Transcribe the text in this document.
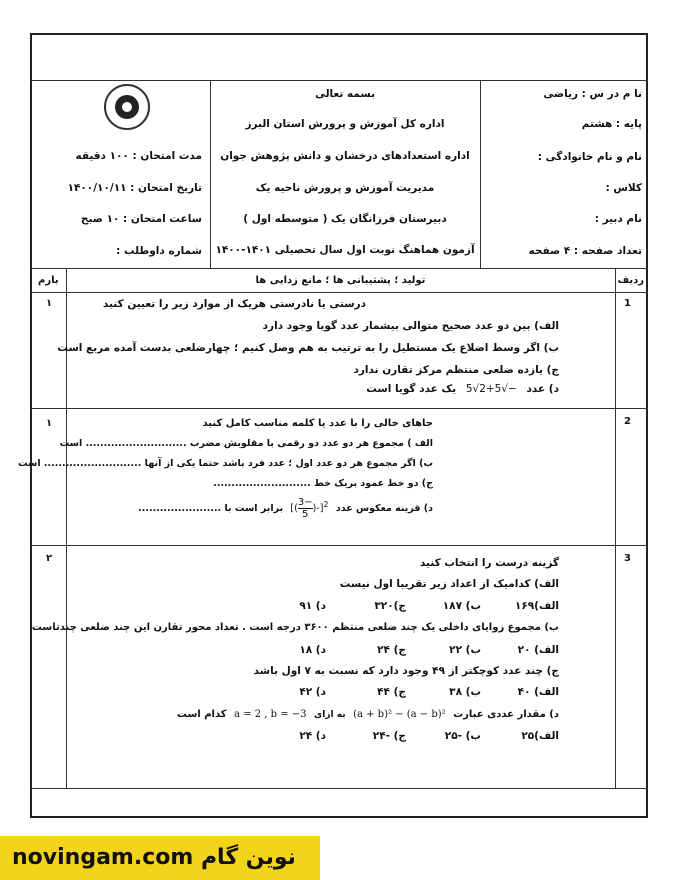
بسمه تعالی
اداره کل آموزش و پرورش استان البرز
اداره استعدادهای درخشان و دانش پژوهش جوان
مدیریت آموزش و پرورش ناحیه یک
دبیرستان فرزانگان یک ( متوسطه اول )
آزمون هماهنگ نوبت اول سال تحصیلی ۱۴۰۱-۱۴۰۰
نا م در س : ریاضی
پایه : هشتم
نام و نام خانوادگی :
کلاس :
نام دبیر :
تعداد صفحه : ۴ صفحه
مدت امتحان : ۱۰۰ دقیقه
تاریخ امتحان : ۱۴۰۰/۱۰/۱۱
ساعت امتحان : ۱۰ صبح
شماره داوطلب :
ردیف
تولید ؛ پشتیبانی ها ؛ مانع زدایی ها
بارم
1
۱	درستی یا نادرستی هریک از موارد زیر را تعیین کنید
الف) بین دو عدد صحیح متوالی بیشمار عدد گویا وجود دارد
ب) اگر وسط اضلاع یک مستطیل را به ترتیب به هم وصل کنیم ؛ چهارضلعی بدست آمده مربع است
ج) یازده ضلعی منتظم مرکز تقارن ندارد
د) عدد 5√2+5√− یک عدد گویا است
2
۱	جاهای خالی را با عدد یا کلمه مناسب کامل کنید
الف ) مجموع هر دو عدد دو رقمی با مقلوبش مضرب ............................ است
ب) اگر مجموع هر دو عدد اول ؛ عدد فرد باشد حتما یکی از آنها ........................... است
ج) دو خط عمود بریک خط ...........................
د) قرینه معکوس عدد [( $\frac{3-}{5} )-]^2$ برابر است با .......................
3
۲	گزینه درست را انتخاب کنید
الف) کدامیک از اعداد زیر تقریبا اول نیست
الف)۱۶۹
ب) ۱۸۷
ج)۳۲۰
د) ۹۱
ب) مجموع زوایای داخلی یک چند ضلعی منتظم ۳۶۰۰ درجه است . تعداد محور تقارن این چند ضلعی چندتاست
الف) ۲۰
ب) ۲۲
ج) ۲۴
د) ۱۸
ج) چند عدد کوچکتر از ۴۹ وجود دارد که نسبت به ۷ اول باشد
الف) ۴۰
ب) ۳۸
ج) ۴۴
د) ۴۲
د) مقدار عددی عبارت (a + b)² − (a − b)² به ازای a = 2 , b = −3 کدام است
الف)۲۵
ب) -۲۵
ج) -۲۴
د) ۲۴
novingam.com نوین گام
